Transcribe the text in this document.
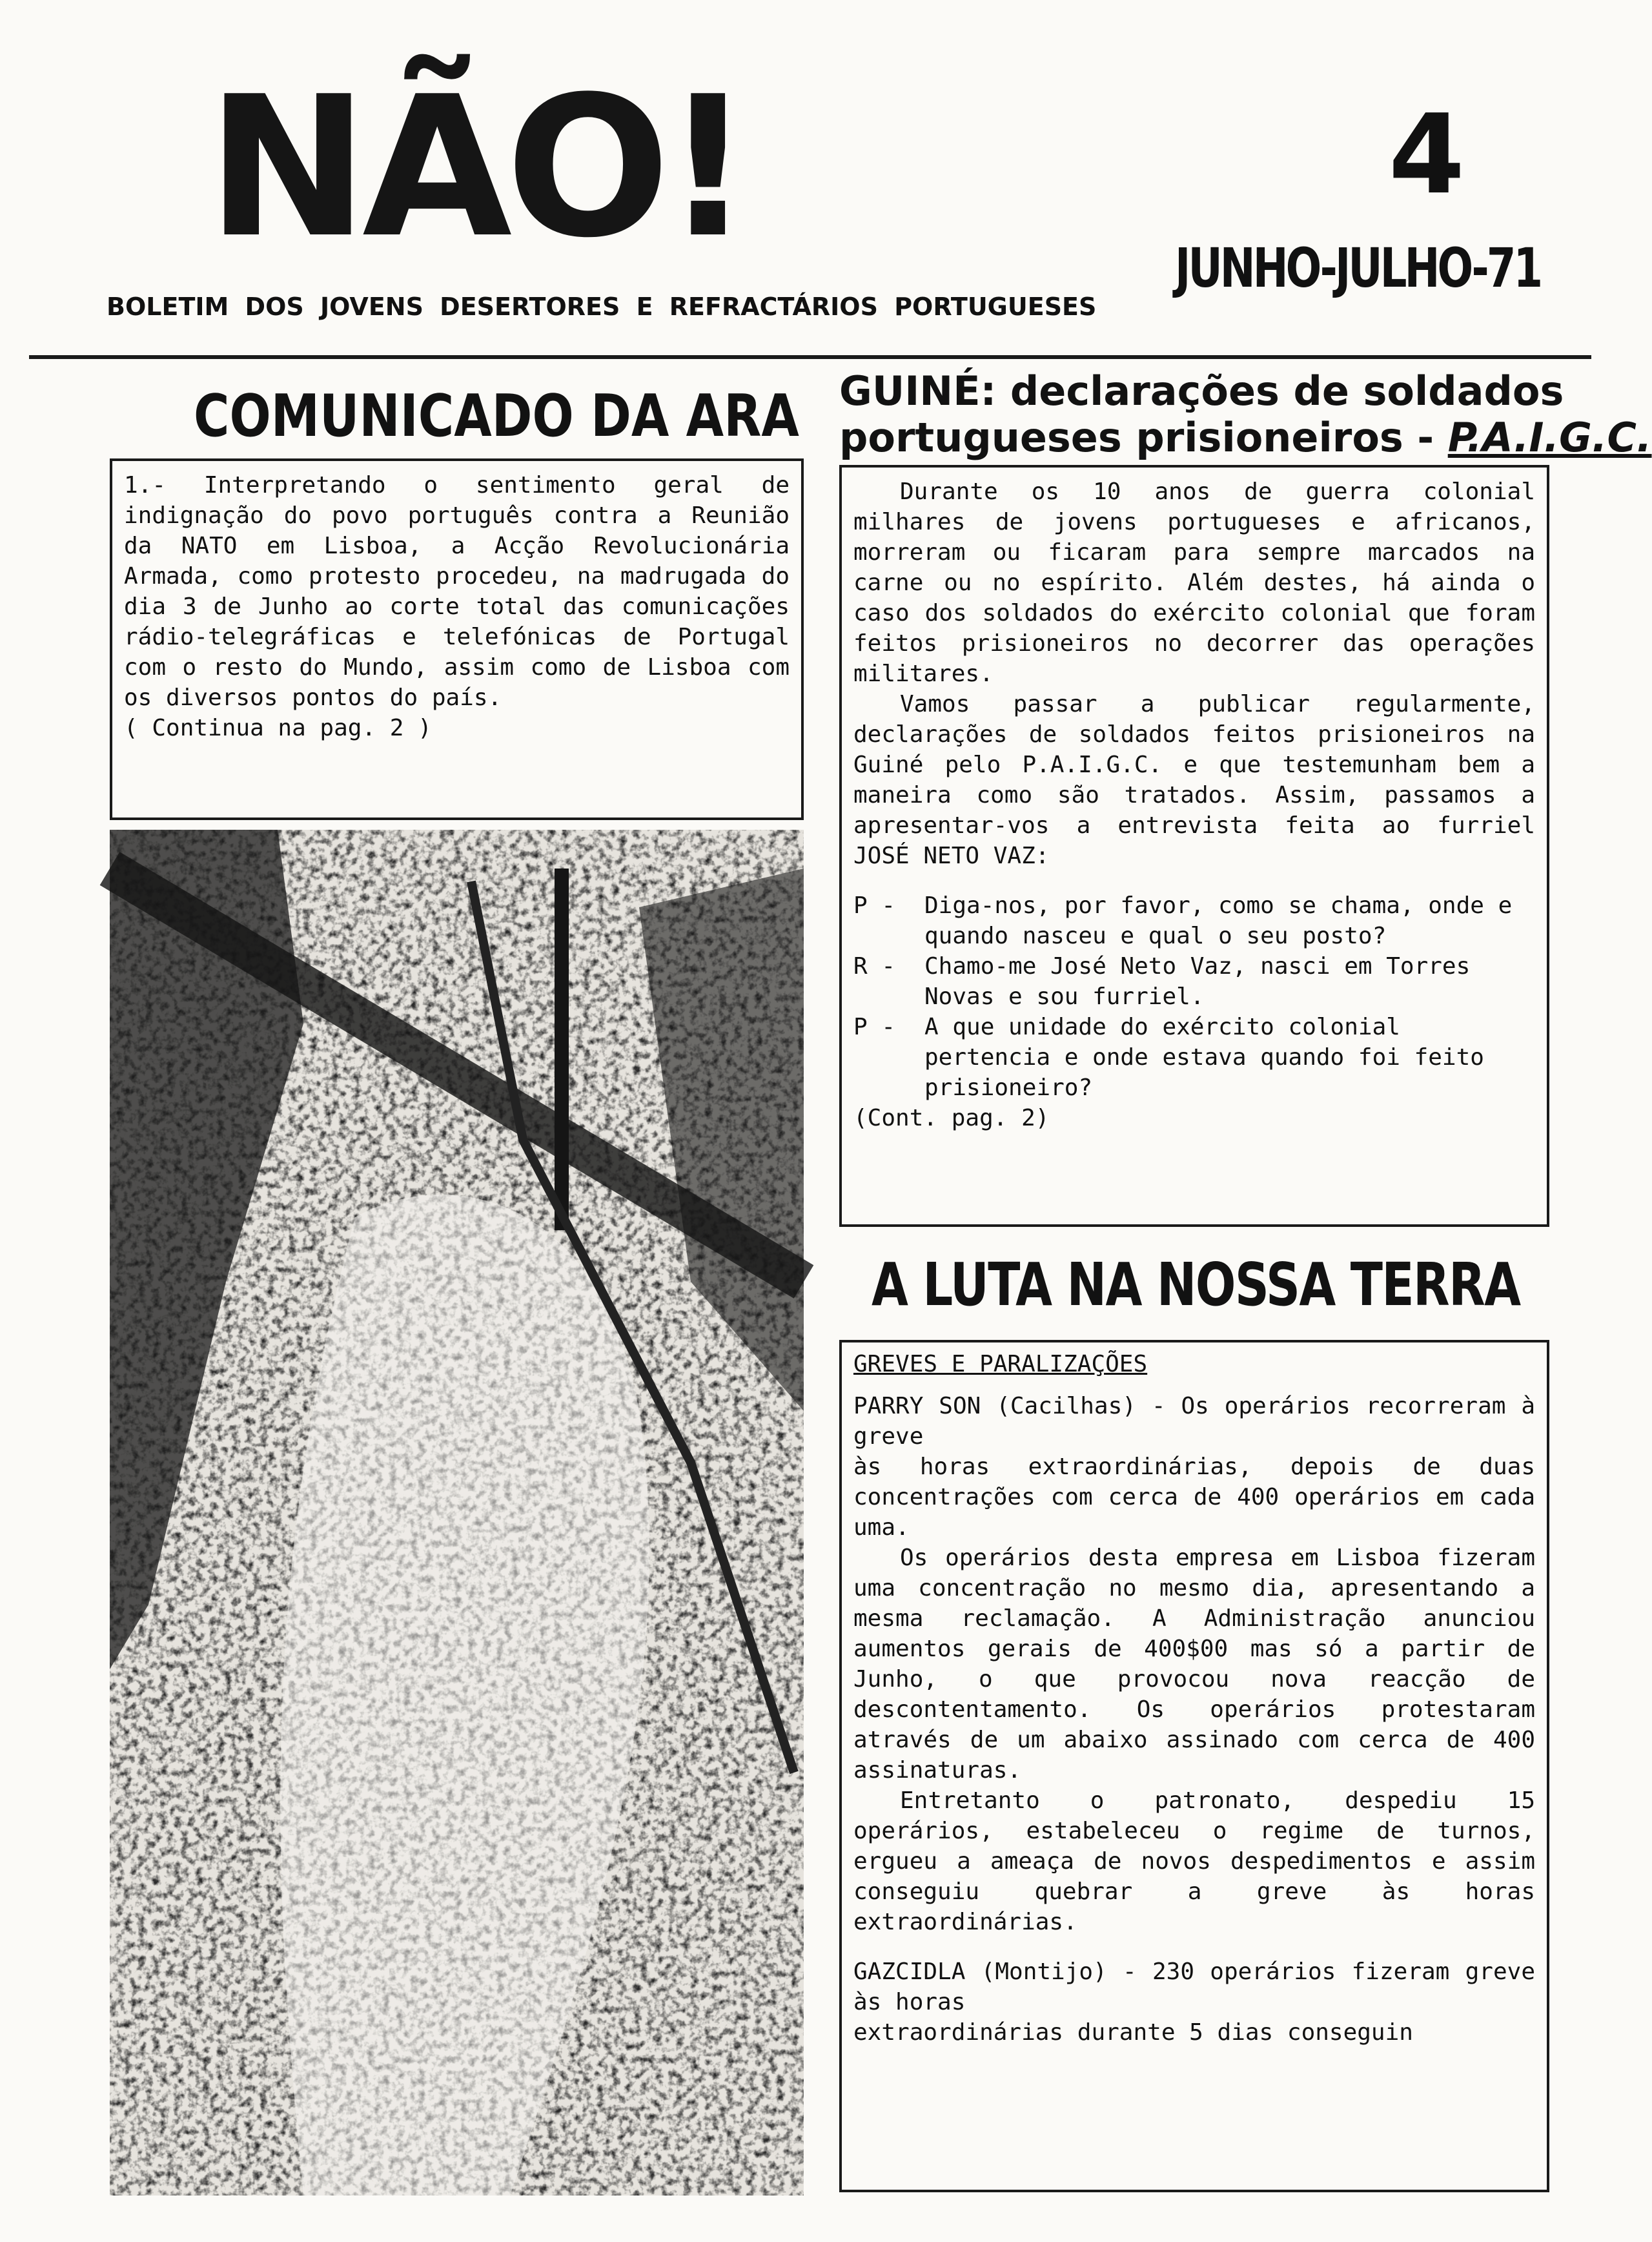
NÃO!	4
JUNHO-JULHO-71
BOLETIM DOS JOVENS DESERTORES E REFRACTÁRIOS PORTUGUESES
COMUNICADO DA ARA

1.- Interpretando o sentimento geral de indignação do povo português contra a Reunião da NATO em Lisboa, a Acção Revolucionária Armada, como protesto procedeu, na madrugada do dia 3 de Junho ao corte total das comunicações rádio-telegráficas e telefónicas de Portugal com o resto do Mundo, assim como de Lisboa com os diversos pontos do país.

( Continua na pag. 2 )

GUINÉ: declarações de soldados
portugueses prisioneiros - P.A.I.G.C.

Durante os 10 anos de guerra colonial milhares de jovens portugueses e africanos, morreram ou ficaram para sempre marcados na carne ou no espírito. Além destes, há ainda o caso dos soldados do exército colonial que foram feitos prisioneiros no decorrer das operações militares.

Vamos passar a publicar regularmente, declarações de soldados feitos prisioneiros na Guiné pelo P.A.I.G.C. e que testemunham bem a maneira como são tratados. Assim, passamos a apresentar-vos a entrevista feita ao furriel JOSÉ NETO VAZ:

P -	Diga-nos, por favor, como se chama, onde e quando nasceu e qual o seu posto?
R -	Chamo-me José Neto Vaz, nasci em Torres Novas e sou furriel.
P -	A que unidade do exército colonial pertencia e onde estava quando foi feito prisioneiro?

(Cont. pag. 2)

A LUTA NA NOSSA TERRA

GREVES E PARALIZAÇÕES

PARRY SON (Cacilhas) - Os operários recorreram à greve

às horas extraordinárias, depois de duas concentrações com cerca de 400 operários em cada uma.

Os operários desta empresa em Lisboa fizeram uma concentração no mesmo dia, apresentando a mesma reclamação. A Administração anunciou aumentos gerais de 400$00 mas só a partir de Junho, o que provocou nova reacção de descontentamento. Os operários protestaram através de um abaixo assinado com cerca de 400 assinaturas.

Entretanto o patronato, despediu 15 operários, estabeleceu o regime de turnos, ergueu a ameaça de novos despedimentos e assim conseguiu quebrar a greve às horas extraordinárias.

GAZCIDLA (Montijo) - 230 operários fizeram greve às horas

extraordinárias durante 5 dias conseguin
